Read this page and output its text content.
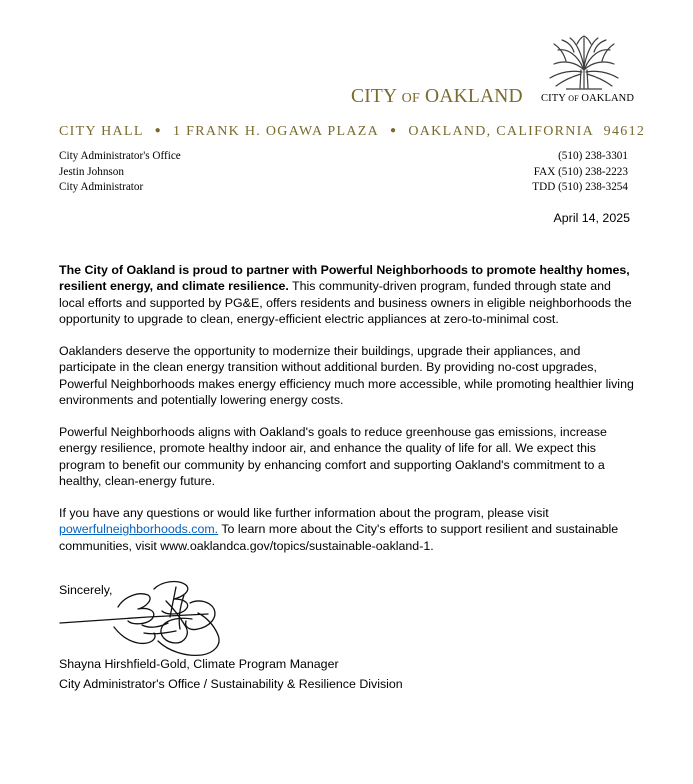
CITY OF OAKLAND CITY OF OAKLAND
CITY HALL ● 1 FRANK H. OGAWA PLAZA ● OAKLAND, CALIFORNIA 94612
City Administrator's Office
Jestin Johnson
City Administrator
(510) 238-3301
FAX (510) 238-2223
TDD (510) 238-3254
April 14, 2025

The City of Oakland is proud to partner with Powerful Neighborhoods to promote healthy homes, resilient energy, and climate resilience. This community-driven program, funded through state and local efforts and supported by PG&E, offers residents and business owners in eligible neighborhoods the opportunity to upgrade to clean, energy-efficient electric appliances at zero-to-minimal cost.

Oaklanders deserve the opportunity to modernize their buildings, upgrade their appliances, and participate in the clean energy transition without additional burden. By providing no-cost upgrades, Powerful Neighborhoods makes energy efficiency much more accessible, while promoting healthier living environments and potentially lowering energy costs.

Powerful Neighborhoods aligns with Oakland's goals to reduce greenhouse gas emissions, increase energy resilience, promote healthy indoor air, and enhance the quality of life for all. We expect this program to benefit our community by enhancing comfort and supporting Oakland's commitment to a healthy, clean-energy future.

If you have any questions or would like further information about the program, please visit powerfulneighborhoods.com. To learn more about the City's efforts to support resilient and sustainable communities, visit www.oaklandca.gov/topics/sustainable-oakland-1.

Sincerely,
Shayna Hirshfield-Gold, Climate Program Manager
City Administrator's Office / Sustainability & Resilience Division
